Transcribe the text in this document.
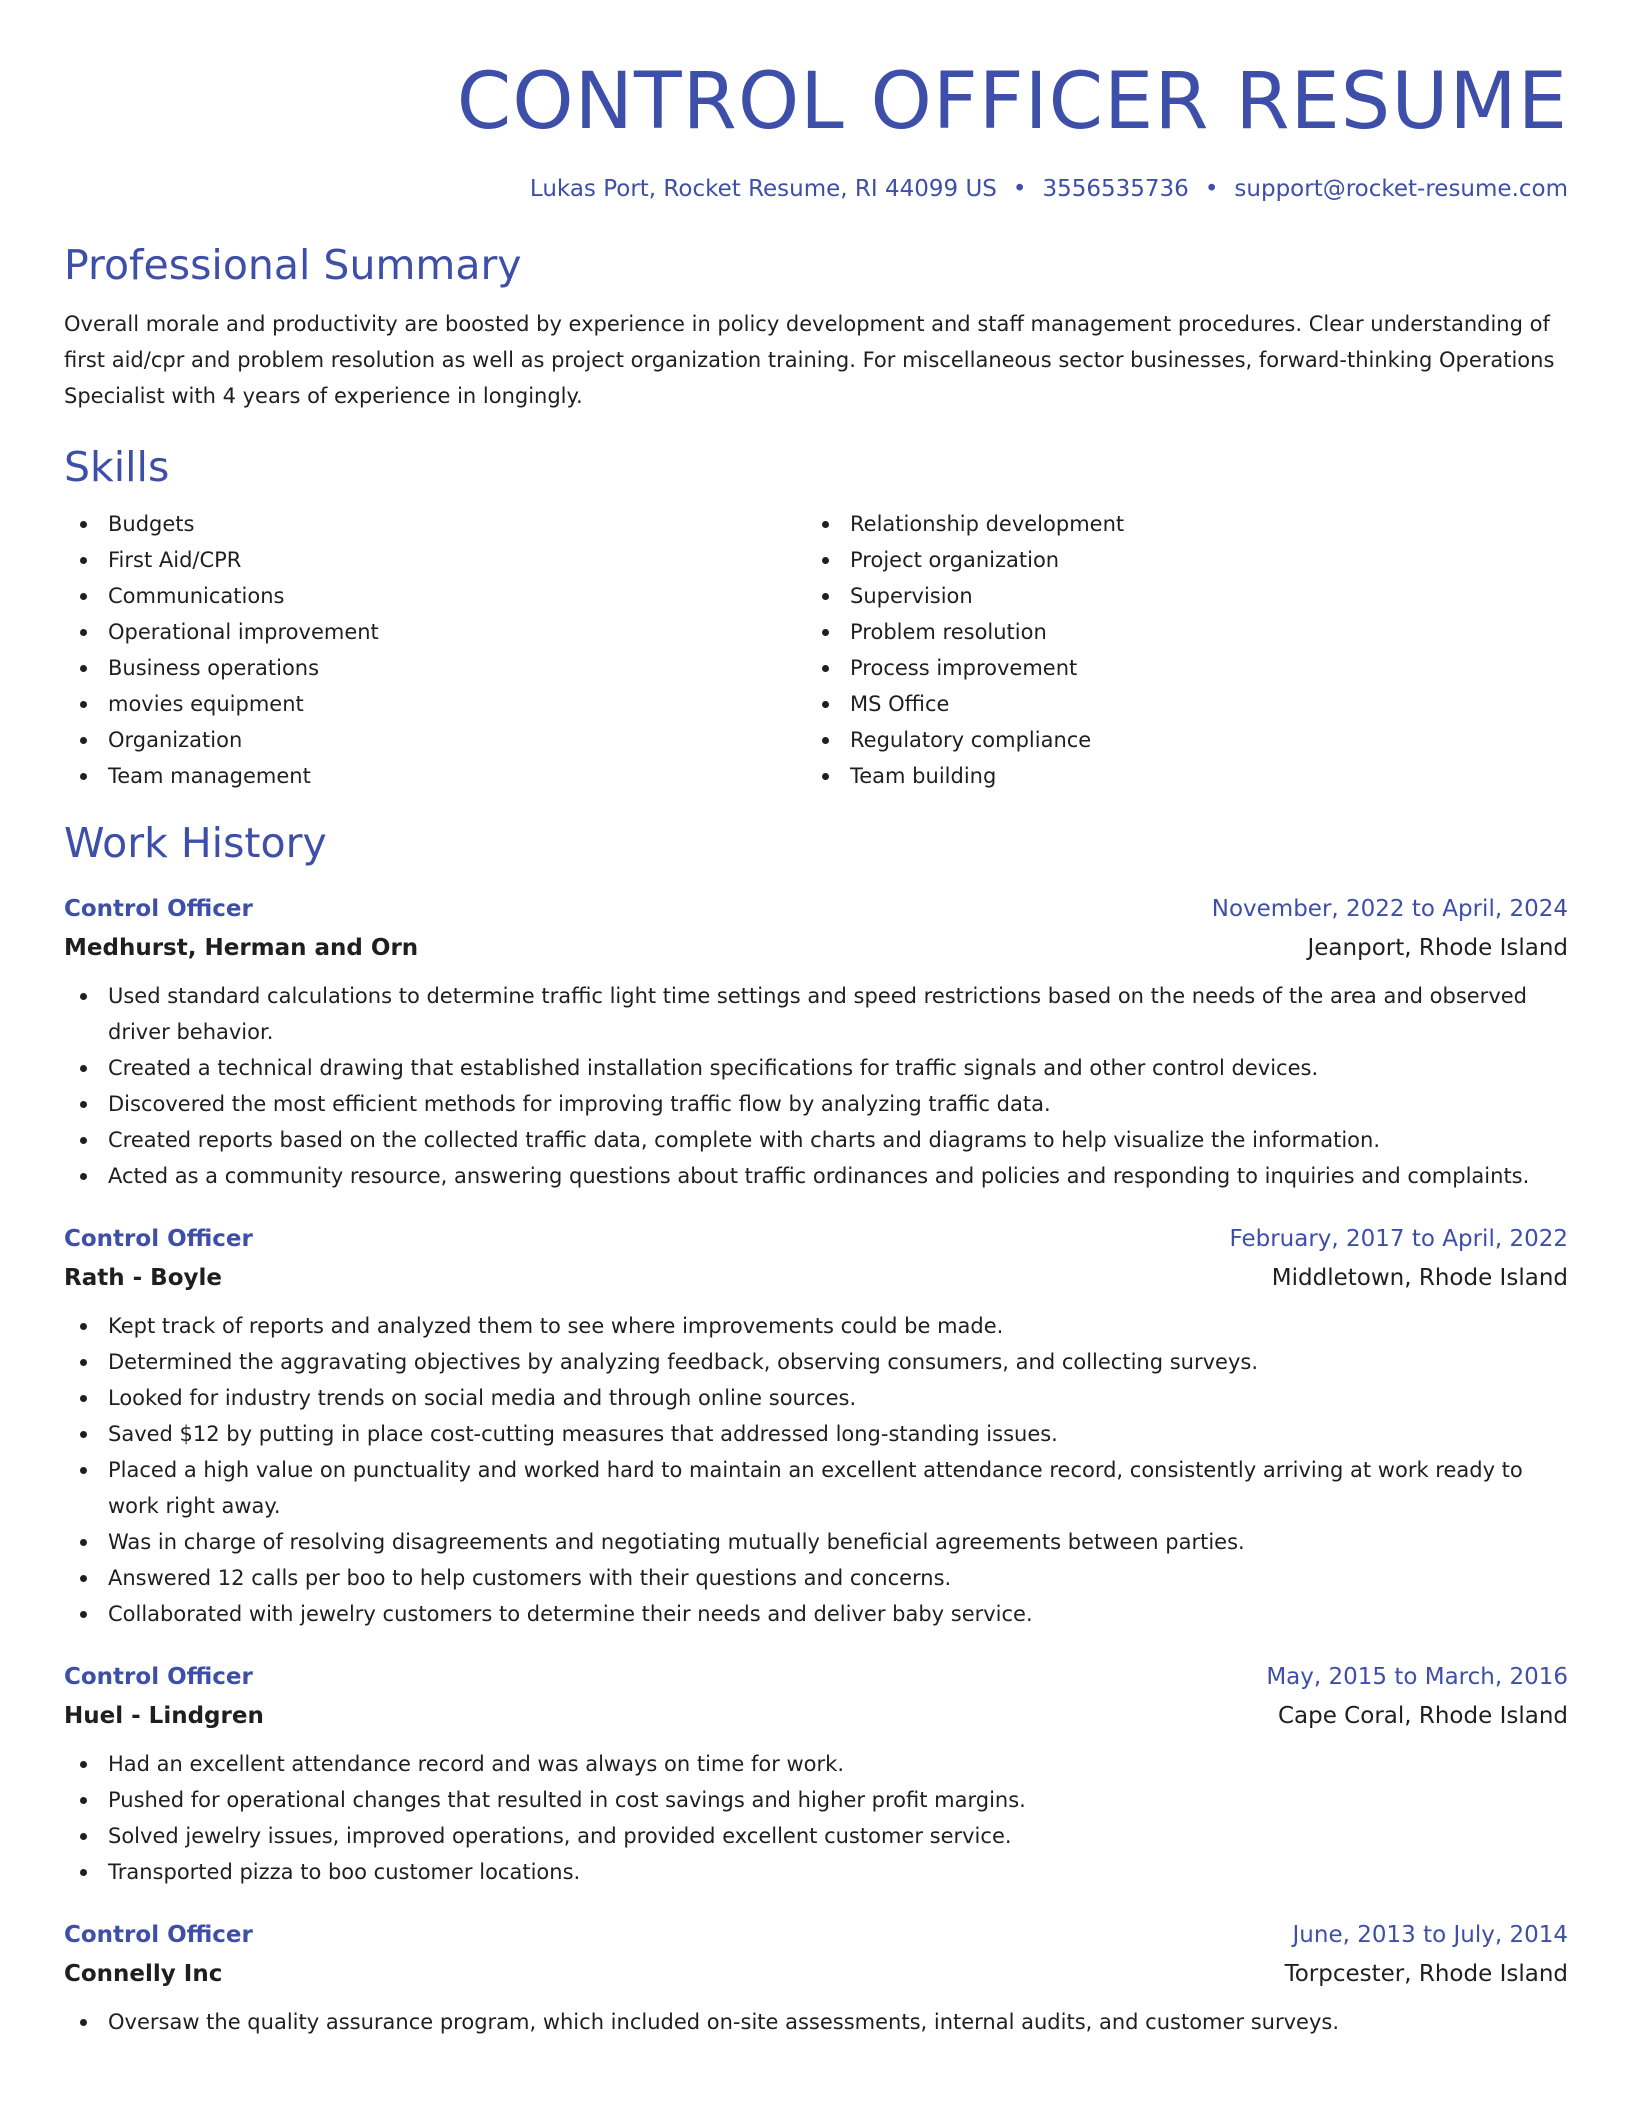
CONTROL OFFICER RESUME
Lukas Port, Rocket Resume, RI 44099 US • 3556535736 • support@rocket-resume.com
Professional Summary
Overall morale and productivity are boosted by experience in policy development and staff management procedures. Clear understanding of first aid/cpr and problem resolution as well as project organization training. For miscellaneous sector businesses, forward-thinking Operations Specialist with 4 years of experience in longingly.
Skills
Budgets
First Aid/CPR
Communications
Operational improvement
Business operations
movies equipment
Organization
Team management
Relationship development
Project organization
Supervision
Problem resolution
Process improvement
MS Office
Regulatory compliance
Team building
Work History
Control Officer	November, 2022 to April, 2024
Medhurst, Herman and Orn	Jeanport, Rhode Island
Used standard calculations to determine traffic light time settings and speed restrictions based on the needs of the area and observed driver behavior.
Created a technical drawing that established installation specifications for traffic signals and other control devices.
Discovered the most efficient methods for improving traffic flow by analyzing traffic data.
Created reports based on the collected traffic data, complete with charts and diagrams to help visualize the information.
Acted as a community resource, answering questions about traffic ordinances and policies and responding to inquiries and complaints.
Control Officer	February, 2017 to April, 2022
Rath - Boyle	Middletown, Rhode Island
Kept track of reports and analyzed them to see where improvements could be made.
Determined the aggravating objectives by analyzing feedback, observing consumers, and collecting surveys.
Looked for industry trends on social media and through online sources.
Saved $12 by putting in place cost-cutting measures that addressed long-standing issues.
Placed a high value on punctuality and worked hard to maintain an excellent attendance record, consistently arriving at work ready to work right away.
Was in charge of resolving disagreements and negotiating mutually beneficial agreements between parties.
Answered 12 calls per boo to help customers with their questions and concerns.
Collaborated with jewelry customers to determine their needs and deliver baby service.
Control Officer	May, 2015 to March, 2016
Huel - Lindgren	Cape Coral, Rhode Island
Had an excellent attendance record and was always on time for work.
Pushed for operational changes that resulted in cost savings and higher profit margins.
Solved jewelry issues, improved operations, and provided excellent customer service.
Transported pizza to boo customer locations.
Control Officer	June, 2013 to July, 2014
Connelly Inc	Torpcester, Rhode Island
Oversaw the quality assurance program, which included on-site assessments, internal audits, and customer surveys.
